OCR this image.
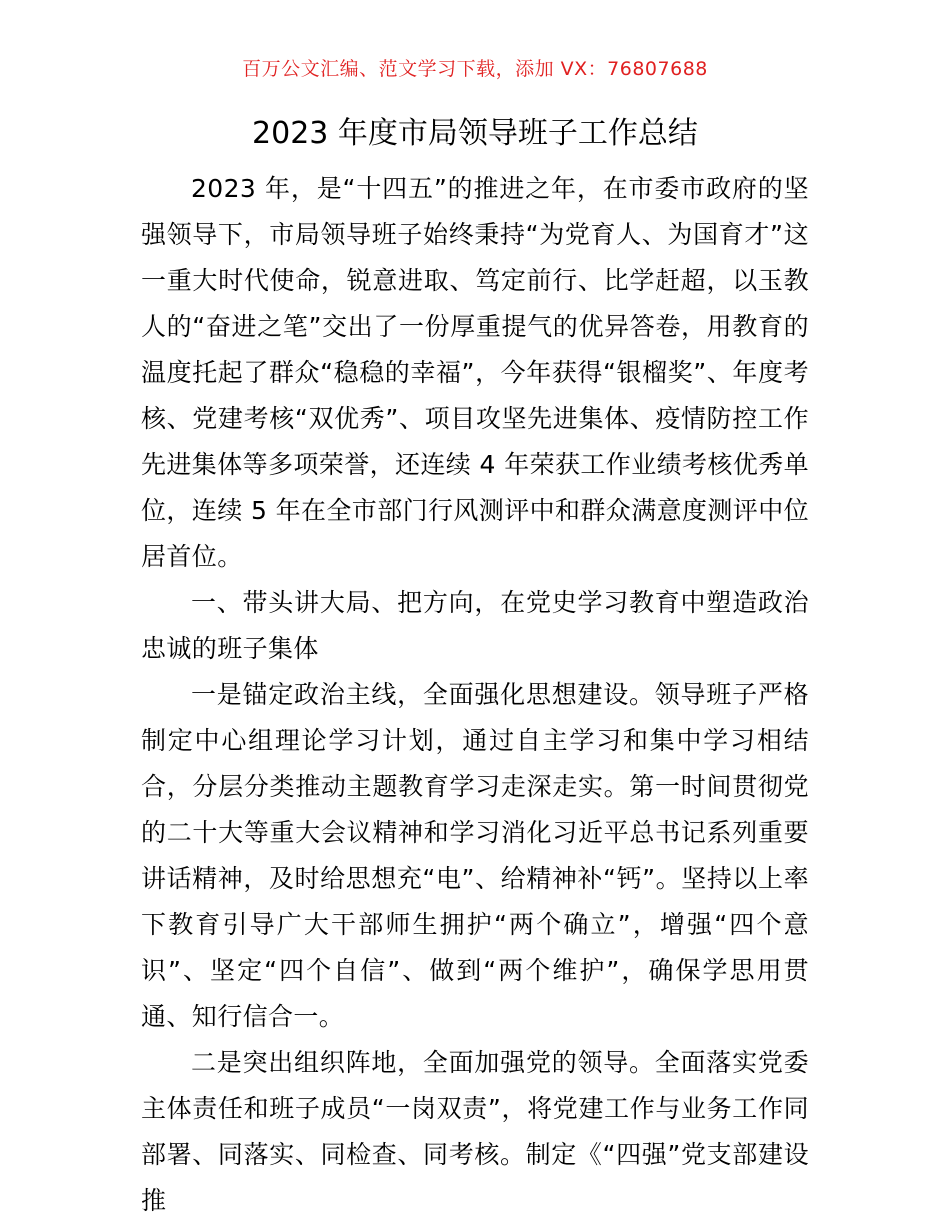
百万公文汇编、范文学习下载，添加 VX：76807688
2023 年度市局领导班子工作总结

2023 年，是“十四五”的推进之年，在市委市政府的坚强领导下，市局领导班子始终秉持“为党育人、为国育才”这一重大时代使命，锐意进取、笃定前行、比学赶超，以玉教人的“奋进之笔”交出了一份厚重提气的优异答卷，用教育的温度托起了群众“稳稳的幸福”，今年获得“银榴奖”、年度考核、党建考核“双优秀”、项目攻坚先进集体、疫情防控工作先进集体等多项荣誉，还连续 4 年荣获工作业绩考核优秀单位，连续 5 年在全市部门行风测评中和群众满意度测评中位居首位。

一、带头讲大局、把方向，在党史学习教育中塑造政治忠诚的班子集体

一是锚定政治主线，全面强化思想建设。领导班子严格制定中心组理论学习计划，通过自主学习和集中学习相结合，分层分类推动主题教育学习走深走实。第一时间贯彻党的二十大等重大会议精神和学习消化习近平总书记系列重要讲话精神，及时给思想充“电”、给精神补“钙”。坚持以上率下教育引导广大干部师生拥护“两个确立”，增强“四个意识”、坚定“四个自信”、做到“两个维护”，确保学思用贯通、知行信合一。

二是突出组织阵地，全面加强党的领导。全面落实党委主体责任和班子成员“一岗双责”，将党建工作与业务工作同部署、同落实、同检查、同考核。制定《“四强”党支部建设推
